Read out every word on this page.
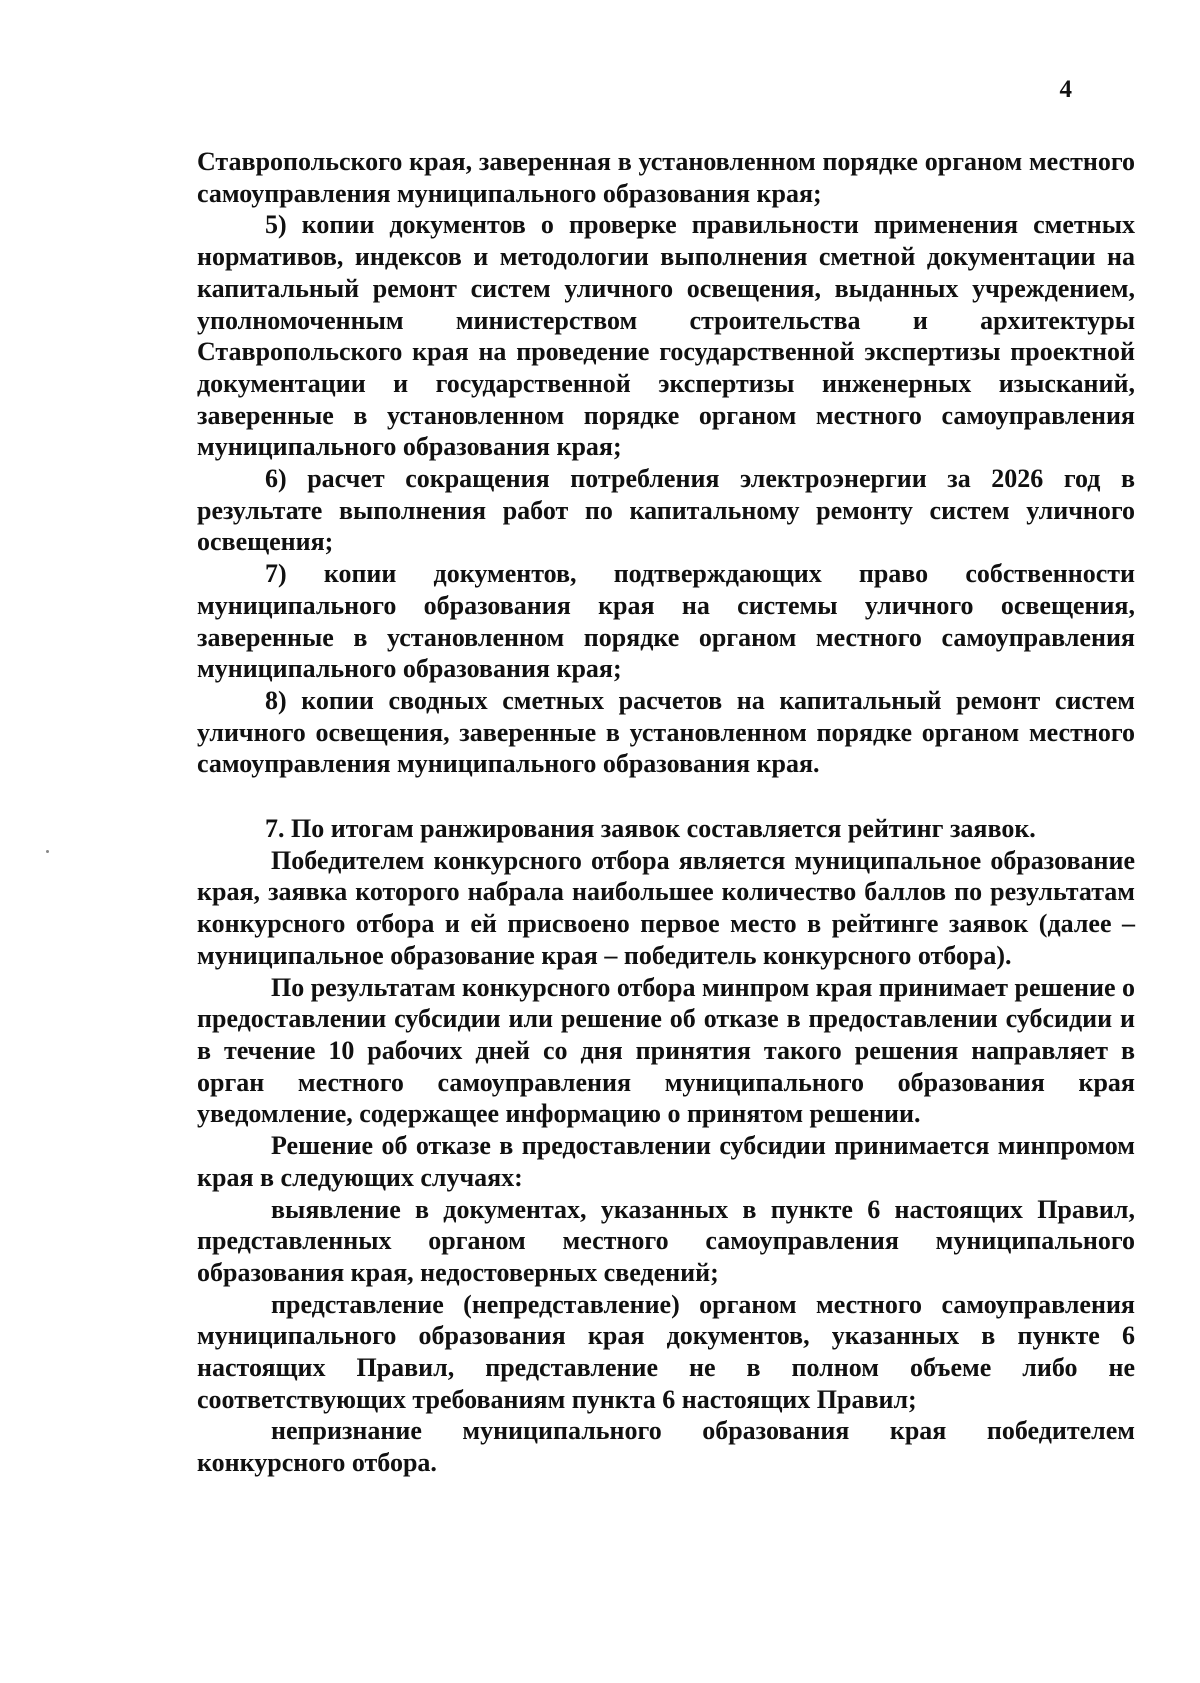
4

Ставропольского края, заверенная в установленном порядке органом местного самоуправления муниципального образования края;

5) копии документов о проверке правильности применения сметных нормативов, индексов и методологии выполнения сметной документации на капитальный ремонт систем уличного освещения, выданных учреждением, уполномоченным министерством строительства и архитектуры Ставропольского края на проведение государственной экспертизы проектной документации и государственной экспертизы инженерных изысканий, заверенные в установленном порядке органом местного самоуправления муниципального образования края;

6) расчет сокращения потребления электроэнергии за 2026 год в результате выполнения работ по капитальному ремонту систем уличного освещения;

7) копии документов, подтверждающих право собственности муниципального образования края на системы уличного освещения, заверенные в установленном порядке органом местного самоуправления муниципального образования края;

8) копии сводных сметных расчетов на капитальный ремонт систем уличного освещения, заверенные в установленном порядке органом местного самоуправления муниципального образования края.

7. По итогам ранжирования заявок составляется рейтинг заявок.

Победителем конкурсного отбора является муниципальное образование края, заявка которого набрала наибольшее количество баллов по результатам конкурсного отбора и ей присвоено первое место в рейтинге заявок (далее – муниципальное образование края – победитель конкурсного отбора).

По результатам конкурсного отбора минпром края принимает решение о предоставлении субсидии или решение об отказе в предоставлении субсидии и в течение 10 рабочих дней со дня принятия такого решения направляет в орган местного самоуправления муниципального образования края уведомление, содержащее информацию о принятом решении.

Решение об отказе в предоставлении субсидии принимается минпромом края в следующих случаях:

выявление в документах, указанных в пункте 6 настоящих Правил, представленных органом местного самоуправления муниципального образования края, недостоверных сведений;

представление (непредставление) органом местного самоуправления муниципального образования края документов, указанных в пункте 6 настоящих Правил, представление не в полном объеме либо не соответствующих требованиям пункта 6 настоящих Правил;

непризнание муниципального образования края победителем конкурсного отбора.
